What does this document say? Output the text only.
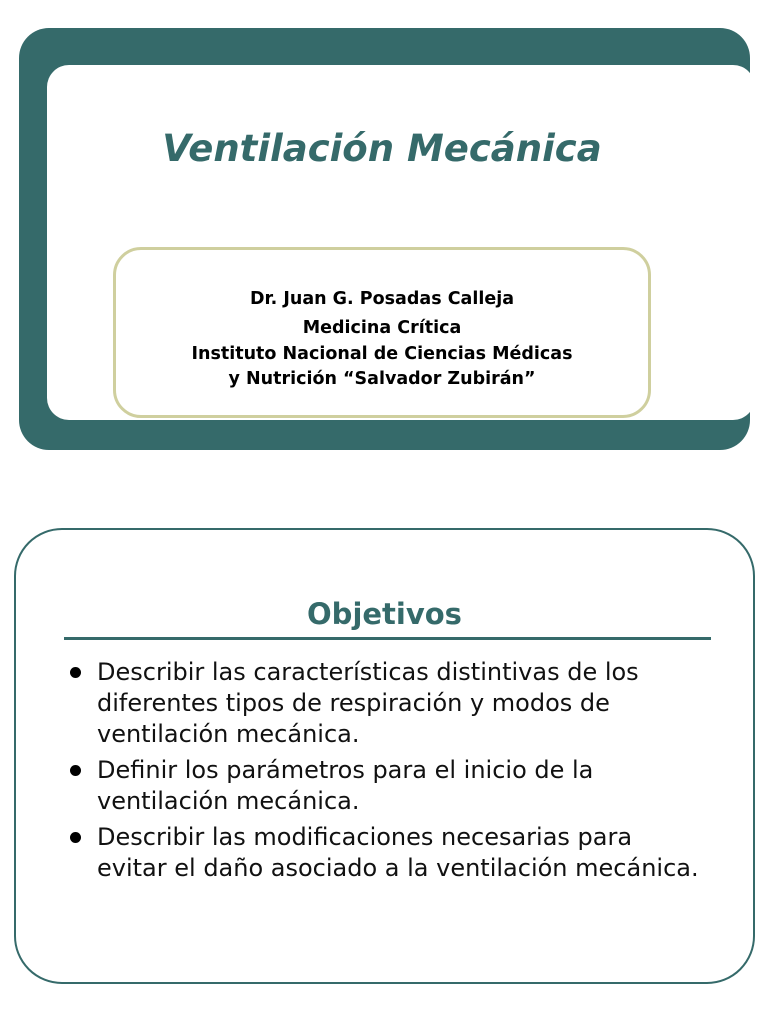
Ventilación Mecánica
Dr. Juan G. Posadas Calleja
Medicina Crítica
Instituto Nacional de Ciencias Médicas
y Nutrición “Salvador Zubirán”
Objetivos
Describir las características distintivas de los diferentes tipos de respiración y modos de ventilación mecánica.
Definir los parámetros para el inicio de la ventilación mecánica.
Describir las modificaciones necesarias para evitar el daño asociado a la ventilación mecánica.
